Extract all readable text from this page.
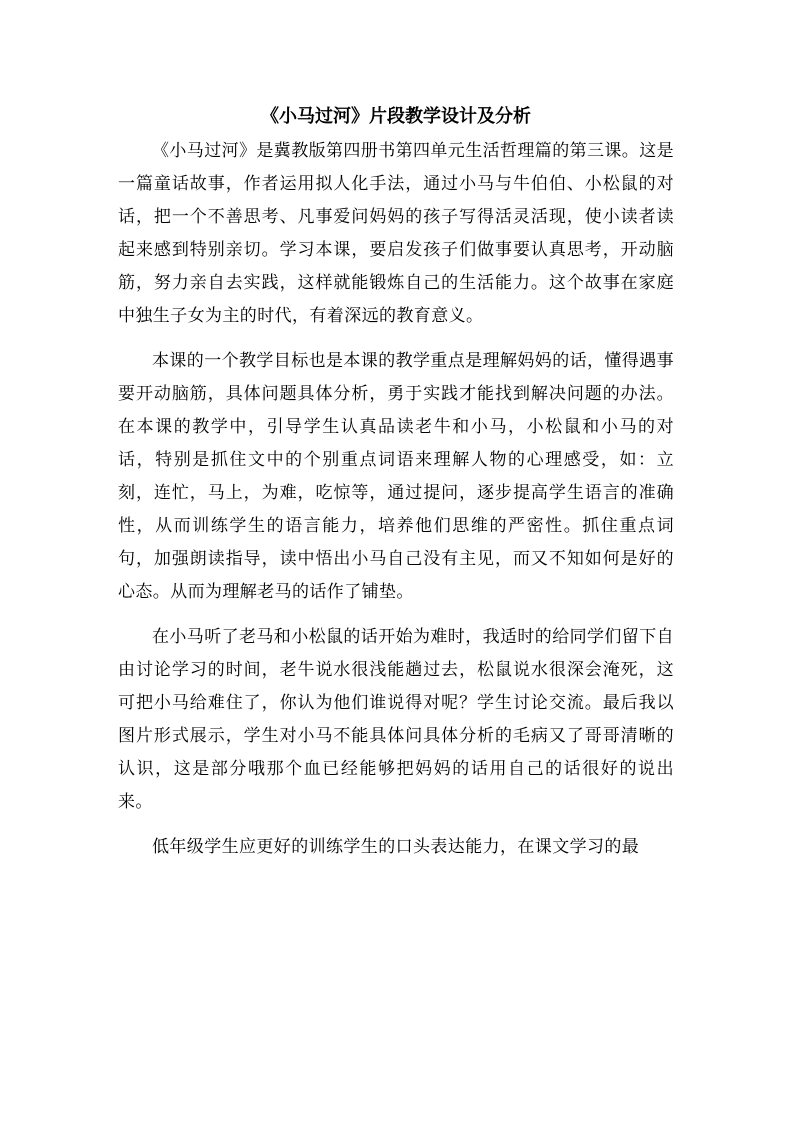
《小马过河》片段教学设计及分析

《小马过河》是冀教版第四册书第四单元生活哲理篇的第三课。这是一篇童话故事，作者运用拟人化手法，通过小马与牛伯伯、小松鼠的对话，把一个不善思考、凡事爱问妈妈的孩子写得活灵活现，使小读者读起来感到特别亲切。学习本课，要启发孩子们做事要认真思考，开动脑筋，努力亲自去实践，这样就能锻炼自己的生活能力。这个故事在家庭中独生子女为主的时代，有着深远的教育意义。

本课的一个教学目标也是本课的教学重点是理解妈妈的话，懂得遇事要开动脑筋，具体问题具体分析，勇于实践才能找到解决问题的办法。在本课的教学中，引导学生认真品读老牛和小马，小松鼠和小马的对话，特别是抓住文中的个别重点词语来理解人物的心理感受，如：立刻，连忙，马上，为难，吃惊等，通过提问，逐步提高学生语言的准确性，从而训练学生的语言能力，培养他们思维的严密性。抓住重点词句，加强朗读指导，读中悟出小马自己没有主见，而又不知如何是好的心态。从而为理解老马的话作了铺垫。

在小马听了老马和小松鼠的话开始为难时，我适时的给同学们留下自由讨论学习的时间，老牛说水很浅能趟过去，松鼠说水很深会淹死，这可把小马给难住了，你认为他们谁说得对呢？学生讨论交流。最后我以图片形式展示，学生对小马不能具体问具体分析的毛病又了哥哥清晰的认识，这是部分哦那个血已经能够把妈妈的话用自己的话很好的说出来。

低年级学生应更好的训练学生的口头表达能力，在课文学习的最
